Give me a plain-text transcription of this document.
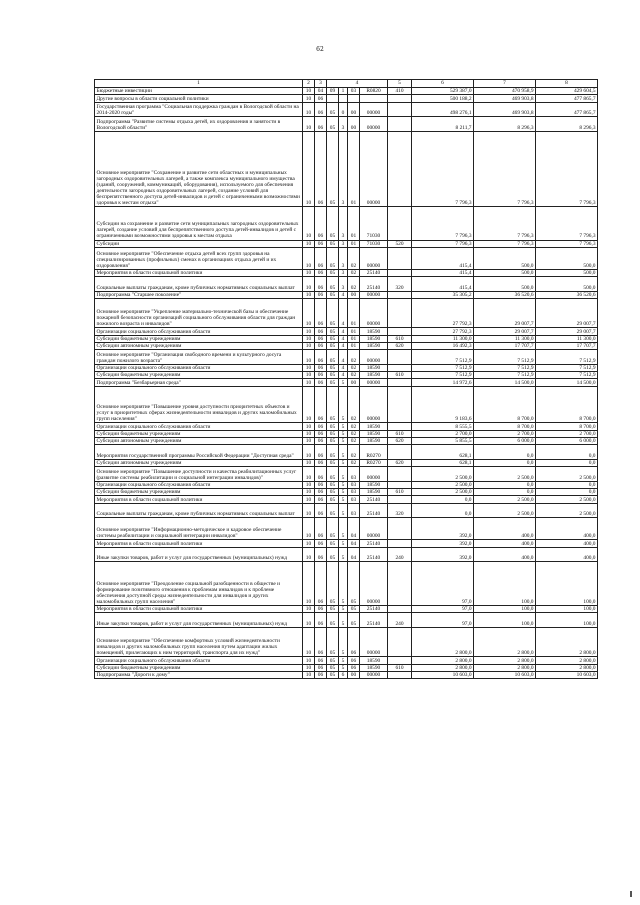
62
1	2	3	4				5	6	7	8
Бюджетные инвестиции	10	04	09	1	03	R0820	410	529 387,0	470 958,9	429 604,5
Другие вопросы в области социальной политики	10	06						500 188,2	469 903,8	477 865,7
Государственная программа "Социальная поддержка граждан в Вологодской области на 2014-2020 годы"	10	06	05	0	00	00000		498 276,1	469 903,8	477 865,7
Подпрограмма "Развитие системы отдыха детей, их оздоровления и занятости в Вологодской области"	10	06	05	3	00	00000		8 211,7	8 296,3	8 296,3
Основное мероприятие "Сохранение и развитие сети областных и муниципальных загородных оздоровительных лагерей, а также комплекса муниципального имущества (зданий, сооружений, коммуникаций, оборудования), используемого для обеспечения деятельности загородных оздоровительных лагерей, создание условий для беспрепятственного доступа детей-инвалидов и детей с ограниченными возможностями здоровья к местам отдыха"	10	06	05	3	01	00000		7 796,3	7 796,3	7 796,3
Субсидии на сохранение и развитие сети муниципальных загородных оздоровительных лагерей, создание условий для беспрепятственного доступа детей-инвалидов и детей с ограниченными возможностями здоровья к местам отдыха	10	06	05	3	01	71030		7 796,3	7 796,3	7 796,3
Субсидии	10	06	05	3	01	71030	520	7 796,3	7 796,3	7 796,3
Основное мероприятие "Обеспечение отдыха детей всех групп здоровья на специализированных (профильных) сменах в организациях отдыха детей и их оздоровления"	10	06	05	3	02	00000		415,4	500,0	500,0
Мероприятия в области социальной политики	10	06	05	3	02	25140		415,4	500,0	500,0
Социальные выплаты гражданам, кроме публичных нормативных социальных выплат	10	06	05	3	02	25140	320	415,4	500,0	500,0
Подпрограмма "Старшее поколение"	10	06	05	4	00	00000		35 305,2	36 520,6	36 520,6
Основное мероприятие "Укрепление материально-технической базы и обеспечение пожарной безопасности организаций социального обслуживания области для граждан пожилого возраста и инвалидов"	10	06	05	4	01	00000		27 792,3	29 007,7	29 007,7
Организации социального обслуживания области	10	06	05	4	01	18590		27 792,3	29 007,7	29 007,7
Субсидии бюджетным учреждениям	10	06	05	4	01	18590	610	11 300,0	11 300,0	11 300,0
Субсидии автономным учреждениям	10	06	05	4	01	18590	620	16 492,3	17 707,7	17 707,7
Основное мероприятие "Организация свободного времени и культурного досуга граждан пожилого возраста"	10	06	05	4	02	00000		7 512,9	7 512,9	7 512,9
Организации социального обслуживания области	10	06	05	4	02	18590		7 512,9	7 512,9	7 512,9
Субсидии бюджетным учреждениям	10	06	05	4	02	18590	610	7 512,9	7 512,9	7 512,9
Подпрограмма "Безбарьерная среда"	10	06	05	5	00	00000		14 972,6	14 500,0	14 500,0
Основное мероприятие "Повышение уровня доступности приоритетных объектов и услуг в приоритетных сферах жизнедеятельности инвалидов и других маломобильных групп населения"	10	06	05	5	02	00000		9 183,6	8 700,0	8 700,0
Организации социального обслуживания области	10	06	05	5	02	18590		8 555,5	8 700,0	8 700,0
Субсидии бюджетным учреждениям	10	06	05	5	02	18590	610	2 700,0	2 700,0	2 700,0
Субсидии автономным учреждениям	10	06	05	5	02	18590	620	5 855,5	6 000,0	6 000,0
Мероприятия государственной программы Российской Федерации "Доступная среда"	10	06	05	5	02	R0270		628,1	0,0	0,0
Субсидии автономным учреждениям	10	06	05	5	02	R0270	620	628,1	0,0	0,0
Основное мероприятие "Повышение доступности и качества реабилитационных услуг (развитие системы реабилитации и социальной интеграции инвалидов)"	10	06	05	5	03	00000		2 500,0	2 500,0	2 500,0
Организации социального обслуживания области	10	06	05	5	03	18590		2 500,0	0,0	0,0
Субсидии бюджетным учреждениям	10	06	05	5	03	18590	610	2 500,0	0,0	0,0
Мероприятия в области социальной политики	10	06	05	5	03	25140		0,0	2 500,0	2 500,0
Социальные выплаты гражданам, кроме публичных нормативных социальных выплат	10	06	05	5	03	25140	320	0,0	2 500,0	2 500,0
Основное мероприятие "Информационно-методическое и кадровое обеспечение системы реабилитации и социальной интеграции инвалидов"	10	06	05	5	04	00000		392,0	400,0	400,0
Мероприятия в области социальной политики	10	06	05	5	04	25140		392,0	400,0	400,0
Иные закупки товаров, работ и услуг для государственных (муниципальных) нужд	10	06	05	5	04	25140	240	392,0	400,0	400,0
Основное мероприятие "Преодоление социальной разобщенности в обществе и формирование позитивного отношения к проблемам инвалидов и к проблеме обеспечения доступной среды жизнедеятельности для инвалидов и других маломобильных групп населения"	10	06	05	5	05	00000		97,0	100,0	100,0
Мероприятия в области социальной политики	10	06	05	5	05	25140		97,0	100,0	100,0
Иные закупки товаров, работ и услуг для государственных (муниципальных) нужд	10	06	05	5	05	25140	240	97,0	100,0	100,0
Основное мероприятие "Обеспечение комфортных условий жизнедеятельности инвалидов и других маломобильных групп населения путем адаптации жилых помещений, прилегающих к ним территорий, транспорта для их нужд"	10	06	05	5	06	00000		2 800,0	2 800,0	2 800,0
Организации социального обслуживания области	10	06	05	5	06	18590		2 800,0	2 800,0	2 800,0
Субсидии бюджетным учреждениям	10	06	05	5	06	18590	610	2 800,0	2 800,0	2 800,0
Подпрограмма "Дороги к дому"	10	06	05	6	00	00000		10 603,0	10 603,0	10 603,0
